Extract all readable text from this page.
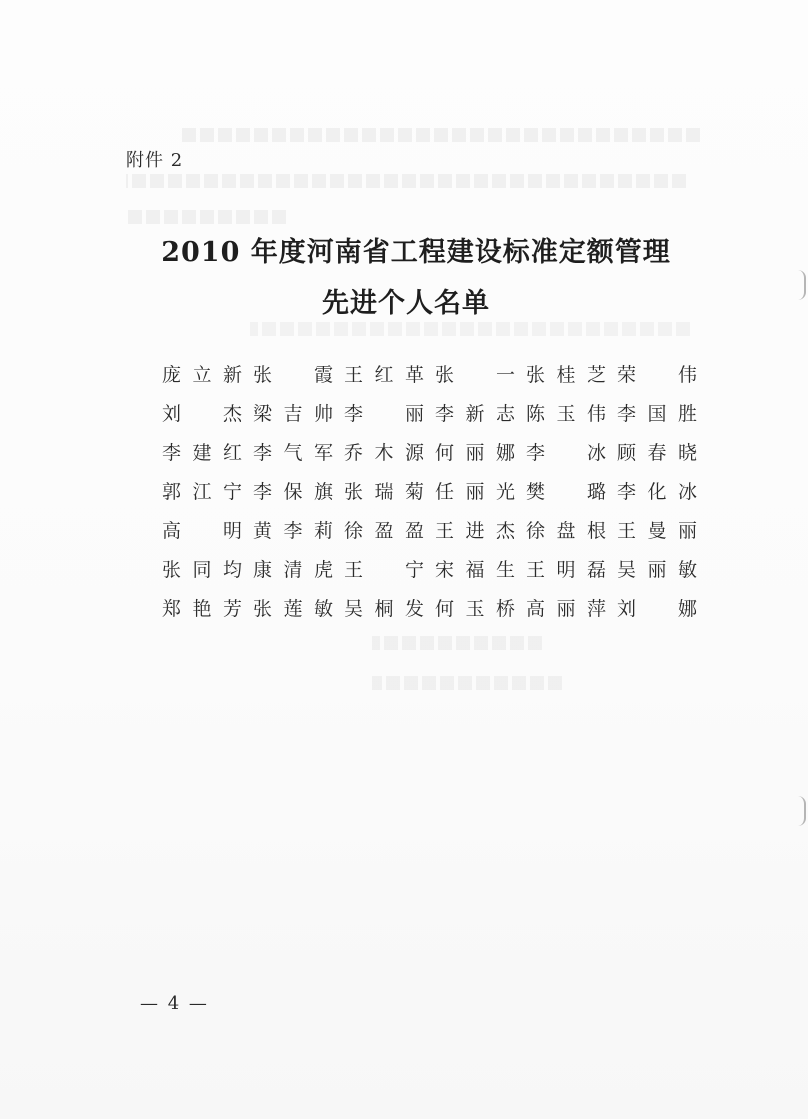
附件 2
2010 年度河南省工程建设标准定额管理
先进个人名单
庞立新 张　霞 王红革 张　一 张桂芝 荣　伟
刘　杰 梁吉帅 李　丽 李新志 陈玉伟 李国胜
李建红 李气军 乔木源 何丽娜 李　冰 顾春晓
郭江宁 李保旗 张瑞菊 任丽光 樊　璐 李化冰
高　明 黄李莉 徐盈盈 王进杰 徐盘根 王曼丽
张同均 康清虎 王　宁 宋福生 王明磊 吴丽敏
郑艳芳 张莲敏 吴桐发 何玉桥 高丽萍 刘　娜
— 4 —
